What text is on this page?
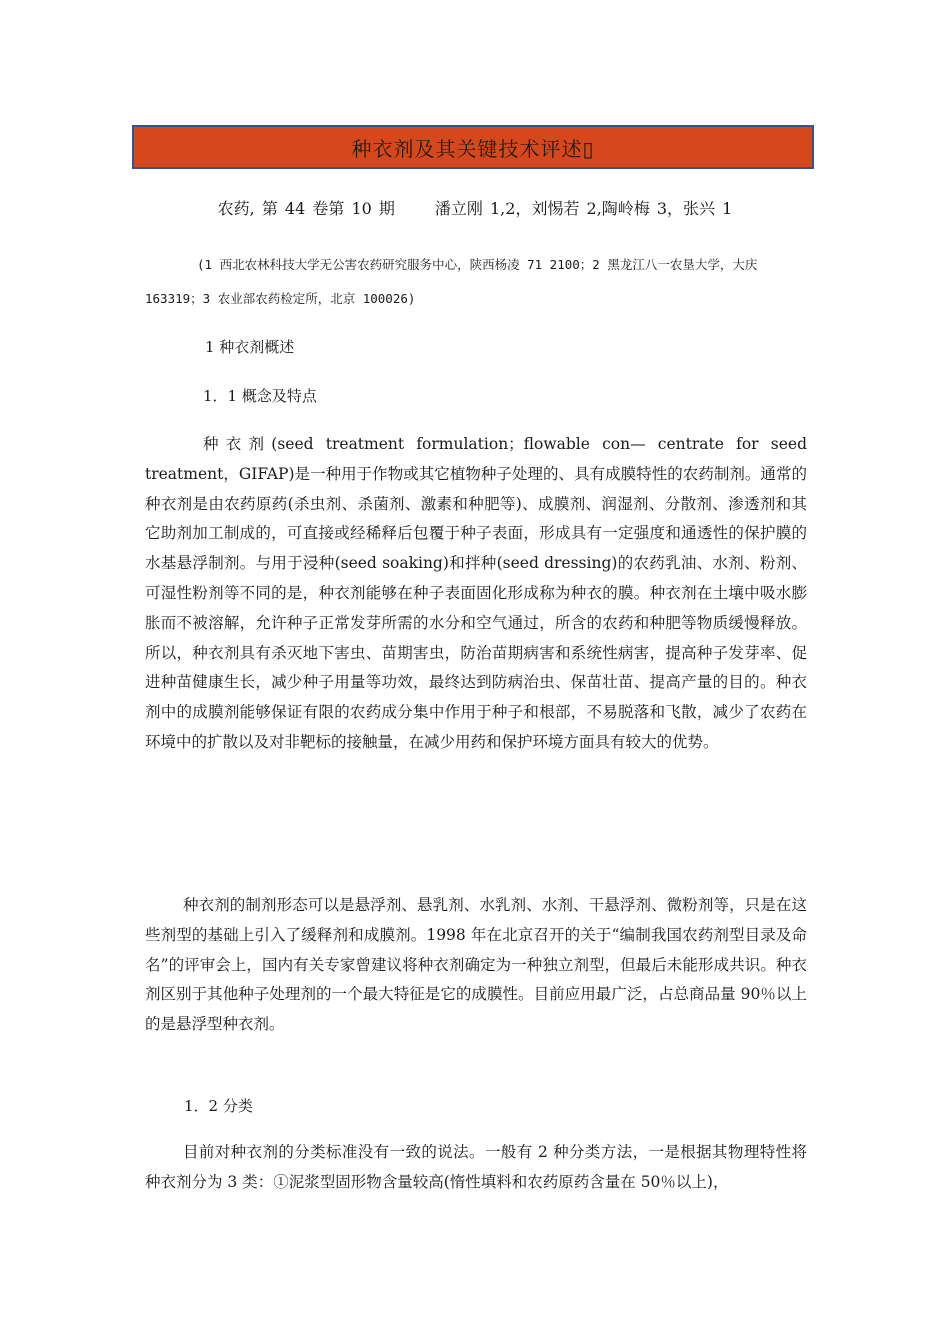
种衣剂及其关键技术评述▯
农药, 第 44 卷第 10 期	潘立刚 1,2，刘惕若 2,陶岭梅 3，张兴 1
(1 西北农林科技大学无公害农药研究服务中心，陕西杨凌 71 2100；2 黑龙江八一农垦大学，大庆 163319；3 农业部农药检定所，北京 100026)
1 种衣剂概述
1．1 概念及特点
种衣剂(seed treatment formulation；flowable con— centrate for seed treatment，GIFAP)是一种用于作物或其它植物种子处理的、具有成膜特性的农药制剂。通常的种衣剂是由农药原药(杀虫剂、杀菌剂、激素和种肥等)、成膜剂、润湿剂、分散剂、渗透剂和其它助剂加工制成的，可直接或经稀释后包覆于种子表面，形成具有一定强度和通透性的保护膜的水基悬浮制剂。与用于浸种(seed soaking)和拌种(seed dressing)的农药乳油、水剂、粉剂、可湿性粉剂等不同的是，种衣剂能够在种子表面固化形成称为种衣的膜。种衣剂在土壤中吸水膨胀而不被溶解，允许种子正常发芽所需的水分和空气通过，所含的农药和种肥等物质缓慢释放。所以，种衣剂具有杀灭地下害虫、苗期害虫，防治苗期病害和系统性病害，提高种子发芽率、促进种苗健康生长，减少种子用量等功效，最终达到防病治虫、保苗壮苗、提高产量的目的。种衣剂中的成膜剂能够保证有限的农药成分集中作用于种子和根部，不易脱落和飞散，减少了农药在环境中的扩散以及对非靶标的接触量，在减少用药和保护环境方面具有较大的优势。
种衣剂的制剂形态可以是悬浮剂、悬乳剂、水乳剂、水剂、干悬浮剂、微粉剂等，只是在这些剂型的基础上引入了缓释剂和成膜剂。1998 年在北京召开的关于“编制我国农药剂型目录及命名”的评审会上，国内有关专家曾建议将种衣剂确定为一种独立剂型，但最后未能形成共识。种衣剂区别于其他种子处理剂的一个最大特征是它的成膜性。目前应用最广泛，占总商品量 90％以上的是悬浮型种衣剂。
1．2 分类
目前对种衣剂的分类标准没有一致的说法。一般有 2 种分类方法，一是根据其物理特性将种衣剂分为 3 类：①泥浆型固形物含量较高(惰性填料和农药原药含量在 50％以上)，
